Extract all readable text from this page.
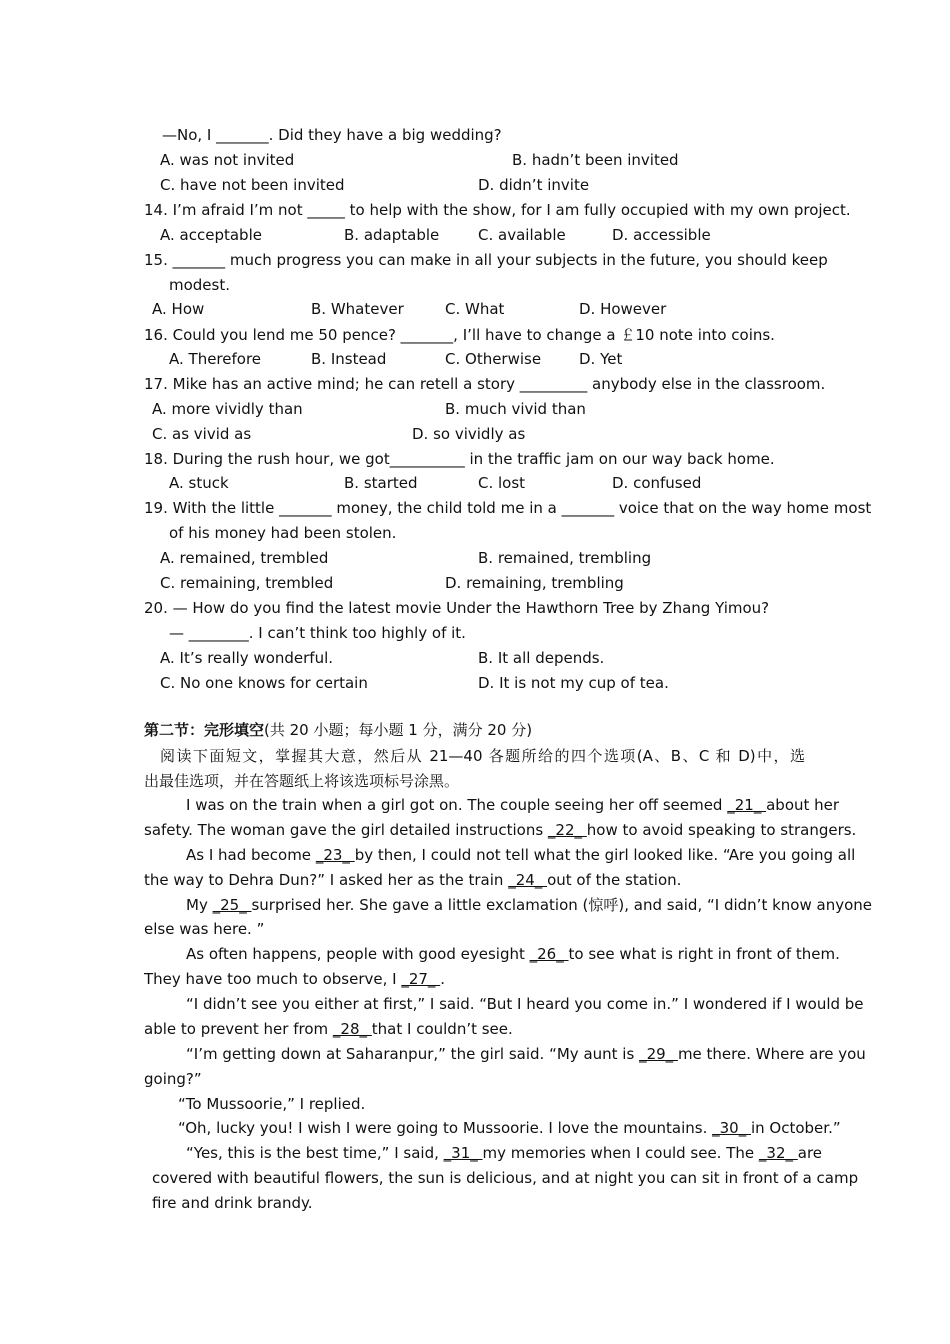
—No, I _______. Did they have a big wedding?
A. was not invited	B. hadn’t been invited
C. have not been invited	D. didn’t invite
14. I’m afraid I’m not _____ to help with the show, for I am fully occupied with my own project.
A. acceptable	B. adaptable	C. available	D. accessible
15. _______ much progress you can make in all your subjects in the future, you should keep
modest.
A. How	B. Whatever	C. What	D. However
16. Could you lend me 50 pence? _______, I’ll have to change a ￡10 note into coins.
A. Therefore	B. Instead	C. Otherwise	D. Yet
17. Mike has an active mind; he can retell a story _________ anybody else in the classroom.
A. more vividly than	B. much vivid than
C. as vivid as	D. so vividly as
18. During the rush hour, we got__________ in the traffic jam on our way back home.
A. stuck	B. started	C. lost	D. confused
19. With the little _______ money, the child told me in a _______ voice that on the way home most
of his money had been stolen.
A. remained, trembled	B. remained, trembling
C. remaining, trembled	D. remaining, trembling
20. — How do you find the latest movie Under the Hawthorn Tree by Zhang Yimou?
— ________. I can’t think too highly of it.
A. It’s really wonderful.	B. It all depends.
C. No one knows for certain	D. It is not my cup of tea.
第二节：完形填空(共 20 小题；每小题 1 分，满分 20 分)
阅读下面短文，掌握其大意，然后从 21—40 各题所给的四个选项(A、B、C 和 D)中，选
出最佳选项，并在答题纸上将该选项标号涂黑。
I was on the train when a girl got on. The couple seeing her off seemed _21_ about her
safety. The woman gave the girl detailed instructions _22_ how to avoid speaking to strangers.
As I had become _23_ by then, I could not tell what the girl looked like. “Are you going all
the way to Dehra Dun?” I asked her as the train _24_ out of the station.
My _25_ surprised her. She gave a little exclamation (惊呼), and said, “I didn’t know anyone
else was here. ”
As often happens, people with good eyesight _26_ to see what is right in front of them.
They have too much to observe, I _27_ .
“I didn’t see you either at first,” I said. “But I heard you come in.” I wondered if I would be
able to prevent her from _28_ that I couldn’t see.
“I’m getting down at Saharanpur,” the girl said. “My aunt is _29_ me there. Where are you
going?”
“To Mussoorie,” I replied.
“Oh, lucky you! I wish I were going to Mussoorie. I love the mountains. _30_ in October.”
“Yes, this is the best time,” I said, _31_ my memories when I could see. The _32_ are
covered with beautiful flowers, the sun is delicious, and at night you can sit in front of a camp
fire and drink brandy.
